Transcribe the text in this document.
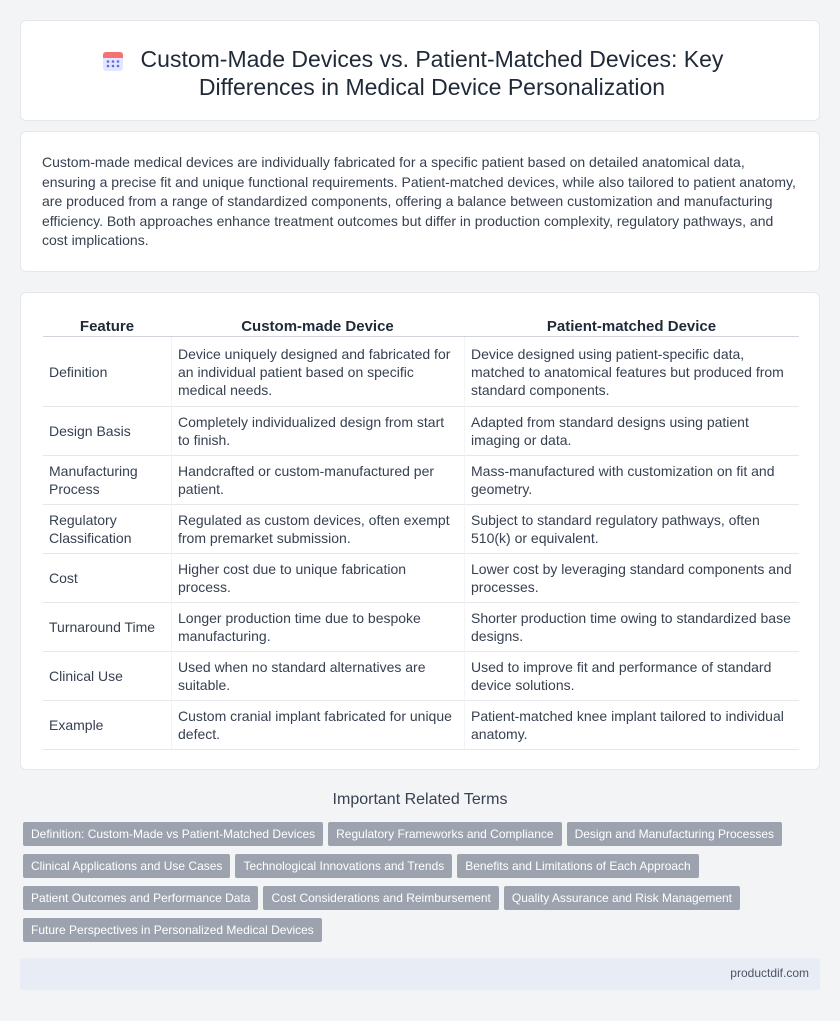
Custom-Made Devices vs. Patient-Matched Devices: Key Differences in Medical Device Personalization

Custom-made medical devices are individually fabricated for a specific patient based on detailed anatomical data, ensuring a precise fit and unique functional requirements. Patient-matched devices, while also tailored to patient anatomy, are produced from a range of standardized components, offering a balance between customization and manufacturing efficiency. Both approaches enhance treatment outcomes but differ in production complexity, regulatory pathways, and cost implications.

Feature	Custom-made Device	Patient-matched Device
Definition	Device uniquely designed and fabricated for an individual patient based on specific medical needs.	Device designed using patient-specific data, matched to anatomical features but produced from standard components.
Design Basis	Completely individualized design from start to finish.	Adapted from standard designs using patient imaging or data.
Manufacturing Process	Handcrafted or custom-manufactured per patient.	Mass-manufactured with customization on fit and geometry.
Regulatory Classification	Regulated as custom devices, often exempt from premarket submission.	Subject to standard regulatory pathways, often 510(k) or equivalent.
Cost	Higher cost due to unique fabrication process.	Lower cost by leveraging standard components and processes.
Turnaround Time	Longer production time due to bespoke manufacturing.	Shorter production time owing to standardized base designs.
Clinical Use	Used when no standard alternatives are suitable.	Used to improve fit and performance of standard device solutions.
Example	Custom cranial implant fabricated for unique defect.	Patient-matched knee implant tailored to individual anatomy.
Important Related Terms
Definition: Custom-Made vs Patient-Matched Devices Regulatory Frameworks and Compliance Design and Manufacturing Processes
Clinical Applications and Use Cases Technological Innovations and Trends Benefits and Limitations of Each Approach
Patient Outcomes and Performance Data Cost Considerations and Reimbursement Quality Assurance and Risk Management
Future Perspectives in Personalized Medical Devices
productdif.com
